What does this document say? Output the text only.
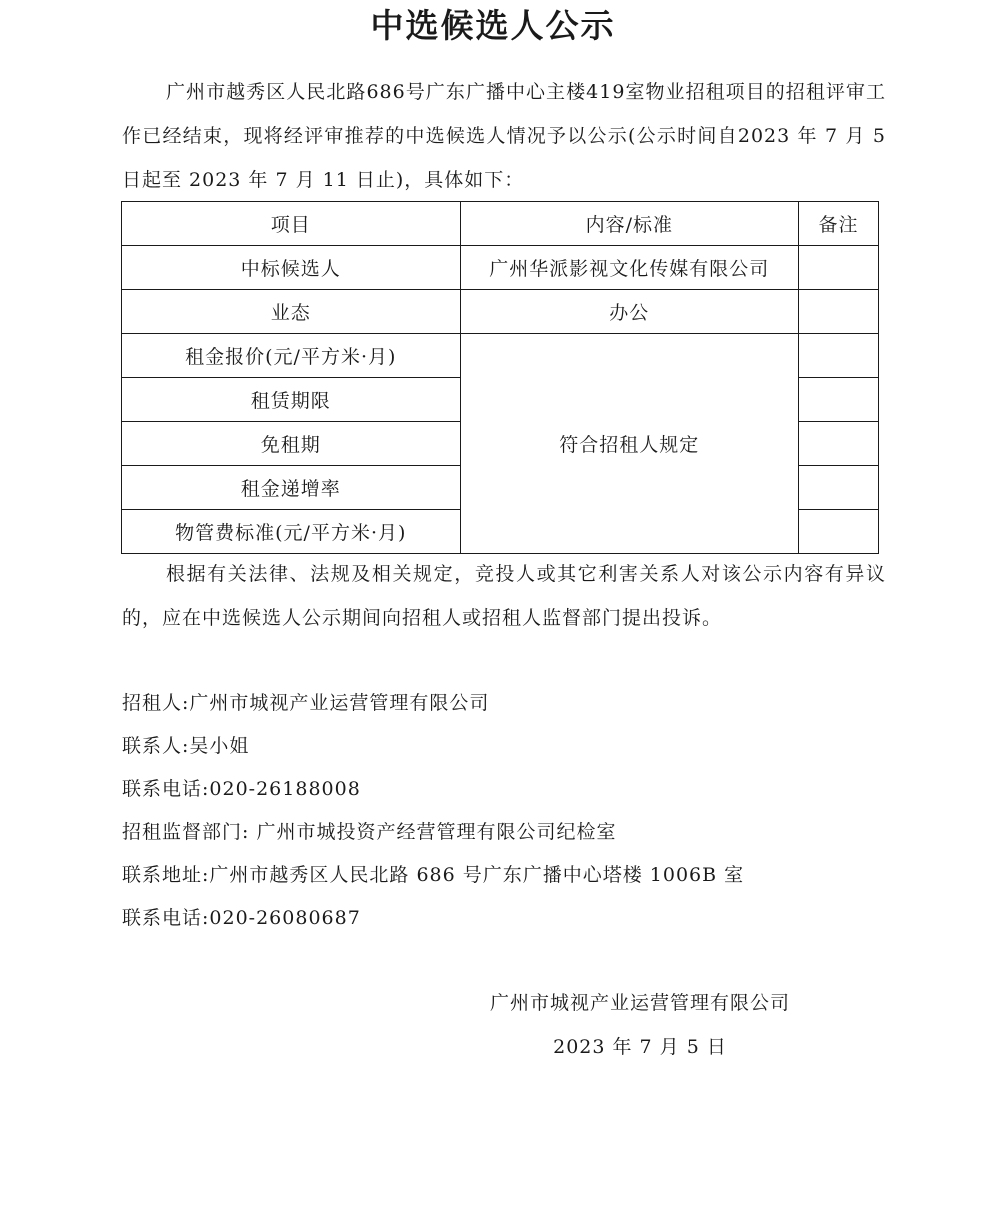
中选候选人公示
广州市越秀区人民北路686号广东广播中心主楼419室物业招租项目的招租评审工作已经结束，现将经评审推荐的中选候选人情况予以公示(公示时间自2023 年 7 月 5 日起至 2023 年 7 月 11 日止)，具体如下：
项目	内容/标准	备注
中标候选人	广州华派影视文化传媒有限公司	
业态	办公	
租金报价(元/平方米·月)	符合招租人规定	
租赁期限		
免租期		
租金递增率		
物管费标准(元/平方米·月)		
根据有关法律、法规及相关规定，竞投人或其它利害关系人对该公示内容有异议的，应在中选候选人公示期间向招租人或招租人监督部门提出投诉。
招租人:广州市城视产业运营管理有限公司
联系人:吴小姐
联系电话:020-26188008
招租监督部门: 广州市城投资产经营管理有限公司纪检室
联系地址:广州市越秀区人民北路 686 号广东广播中心塔楼 1006B 室
联系电话:020-26080687
广州市城视产业运营管理有限公司
2023 年 7 月 5 日
